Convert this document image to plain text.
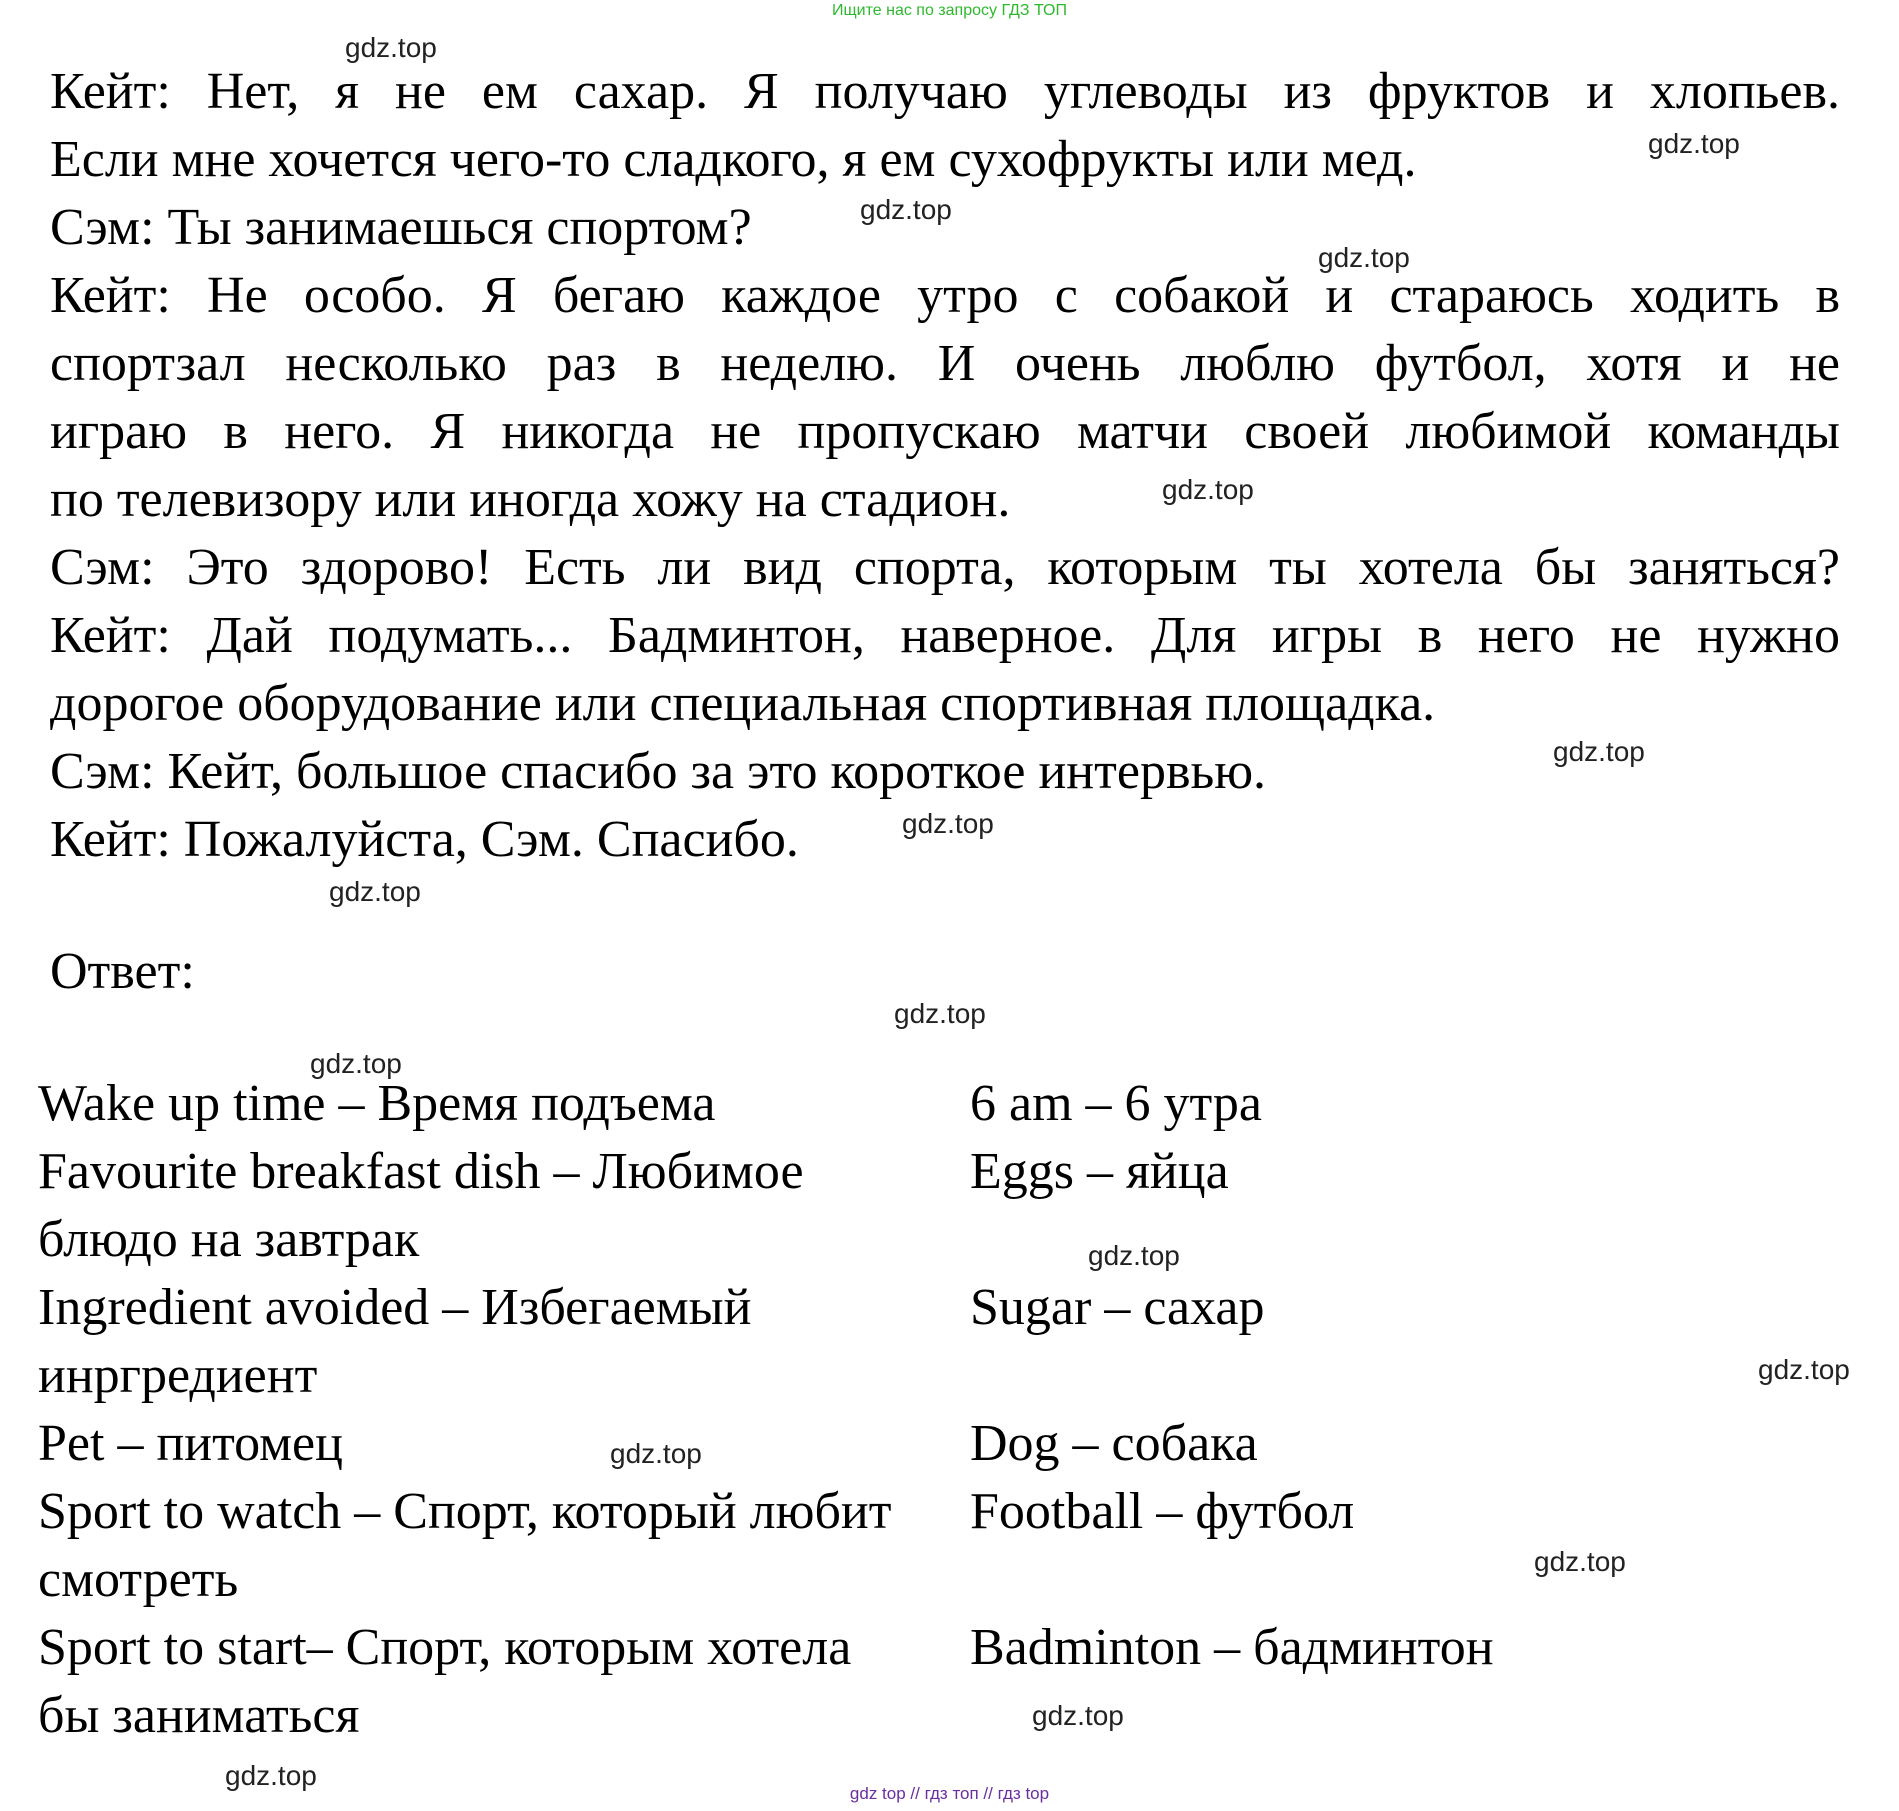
Ищите нас по запросу ГДЗ ТОП
Кейт: Нет, я не ем сахар. Я получаю углеводы из фруктов и хлопьев.
Если мне хочется чего-то сладкого, я ем сухофрукты или мед.
Сэм: Ты занимаешься спортом?
Кейт: Не особо. Я бегаю каждое утро с собакой и стараюсь ходить в
спортзал несколько раз в неделю. И очень люблю футбол, хотя и не
играю в него. Я никогда не пропускаю матчи своей любимой команды
по телевизору или иногда хожу на стадион.
Сэм: Это здорово! Есть ли вид спорта, которым ты хотела бы заняться?
Кейт: Дай подумать... Бадминтон, наверное. Для игры в него не нужно
дорогое оборудование или специальная спортивная площадка.
Сэм: Кейт, большое спасибо за это короткое интервью.
Кейт: Пожалуйста, Сэм. Спасибо.
Ответ:
Wake up time – Время подъема	6 am – 6 утра
Favourite breakfast dish – Любимое блюдо на завтрак
Eggs – яйца
Ingredient avoided – Избегаемый инргредиент
Sugar – сахар
Pet – питомец	Dog – собака
Sport to watch – Спорт, который любит смотреть
Football – футбол
Sport to start– Спорт, которым хотела бы заниматься
Badminton – бадминтон
gdz.top
gdz.top
gdz.top
gdz.top
gdz.top
gdz.top
gdz.top
gdz.top
gdz.top
gdz.top
gdz.top
gdz.top
gdz.top
gdz.top
gdz.top
gdz.top
gdz top // гдз топ // гдз top
